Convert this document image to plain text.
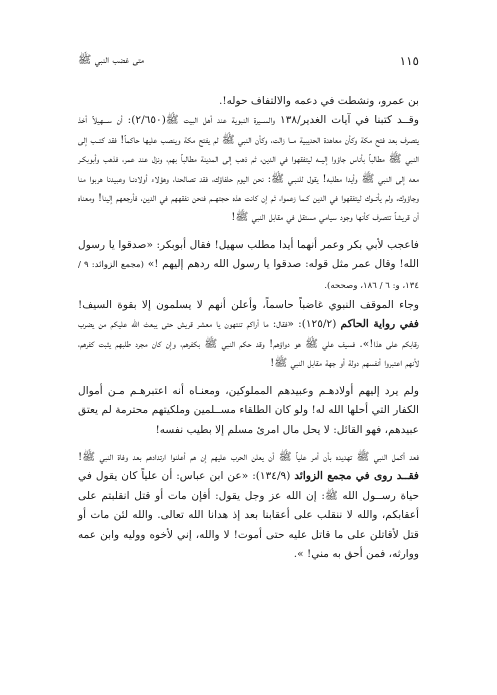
١١٥
متى غضب النبي ﷺ

بن عمرو، ونشطت في دعمه والالتفاف حوله!.

وقــد كتبنا في آيات الغدير/١٣٨ والســيرة النبوية عند أهل البيت ﷺ(٢/٦٥٠): أن ســـهيلاً أخذ يتصرف بعد فتح مكة وكأن معاهدة الحديبية مــا زالت، وكأن النبي ﷺ لم يفتح مكة وينصب عليها حاكماً! فقد كتــب إلى النبي ﷺ مطالباً بأناس جاؤوا إليــه ليتفقهوا في الدين، ثم ذهب إلى المدينة مطالباً بهم، ونزل عند عمر، فذهب وأبوبكـر معه إلى النبي ﷺ وأيدا مطلبه! يقول للنبـي ﷺ: نحن اليوم حلفاؤك، فقد تصالحنا، وهؤلاء أولادنـا وعبيدنا هربوا منا وجاؤوك، ولم يأتــوك ليتفقهوا في الدين كـما زعموا، ثم إن كانت هذه حجتهــم فنحن نفقههم في الدين، فأرجعهم إلينا! ومعناه أن قريشاً تتصرف كأنها وجود سيامي مستقل في مقابل النبي ﷺ!

فاعجب لأبي بكر وعمر أنهما أيدا مطلب سهيل! فقال أبوبكر: «صدقوا يا رسول الله! وقال عمر مثل قوله: صدقوا يا رسول الله ردهم إليهم !» (مجمع الزوائد: ٩ / ١٣٤، و: ٦ / ١٨٦، وصححه).

وجاء الموقف النبوي غاضباً حاسماً، وأعلن أنهم لا يسلمون إلا بقوة السيف! ففي رواية الحاكم (١٢٥/٢): «فقال: ما أراكم تنتهون يا معشر قريش حتى يبعث الله عليكم من يضرب رقابكم على هذا!». فسيف علي ﷺ هو دواؤهم! وقد حكم النبي ﷺ بكفرهم، وإن كان مجرد طلبهم يثبت كفرهم، لأنهم اعتبروا أنفسهم دولة أو جهة مقابل النبي ﷺ!

ولم يرد إليهم أولادهـم وعبيدهم المملوكين، ومعنـاه أنه اعتبرهـم مـن أموال الكفار التي أحلها الله له! ولو كان الطلقاء مســلمين وملكيتهم محترمة لم يعتق عبيدهم، فهو القائل: لا يحل مال امرئ مسلم إلا بطيب نفسه!

فعد أكمل النبي ﷺ تهديده بأن أمر علياً ﷺ أن يعلن الحرب عليهم إن هم أعلنوا ارتدادهم بعد وفاة النبي ﷺ! فقــد روى في مجمع الزوائد (١٣٤/٩): «عن ابن عباس: أن علياً كان يقول في حياة رســول الله ﷺ: إن الله عز وجل يقول: أفإن مات أو قتل انقلبتم على أعقابكم، والله لا ننقلب على أعقابنا بعد إذ هدانا الله تعالى. والله لئن مات أو قتل لأقاتلن على ما قاتل عليه حتى أموت! لا والله، إني لأخوه ووليه وابن عمه ووارثه، فمن أحق به مني! ».
